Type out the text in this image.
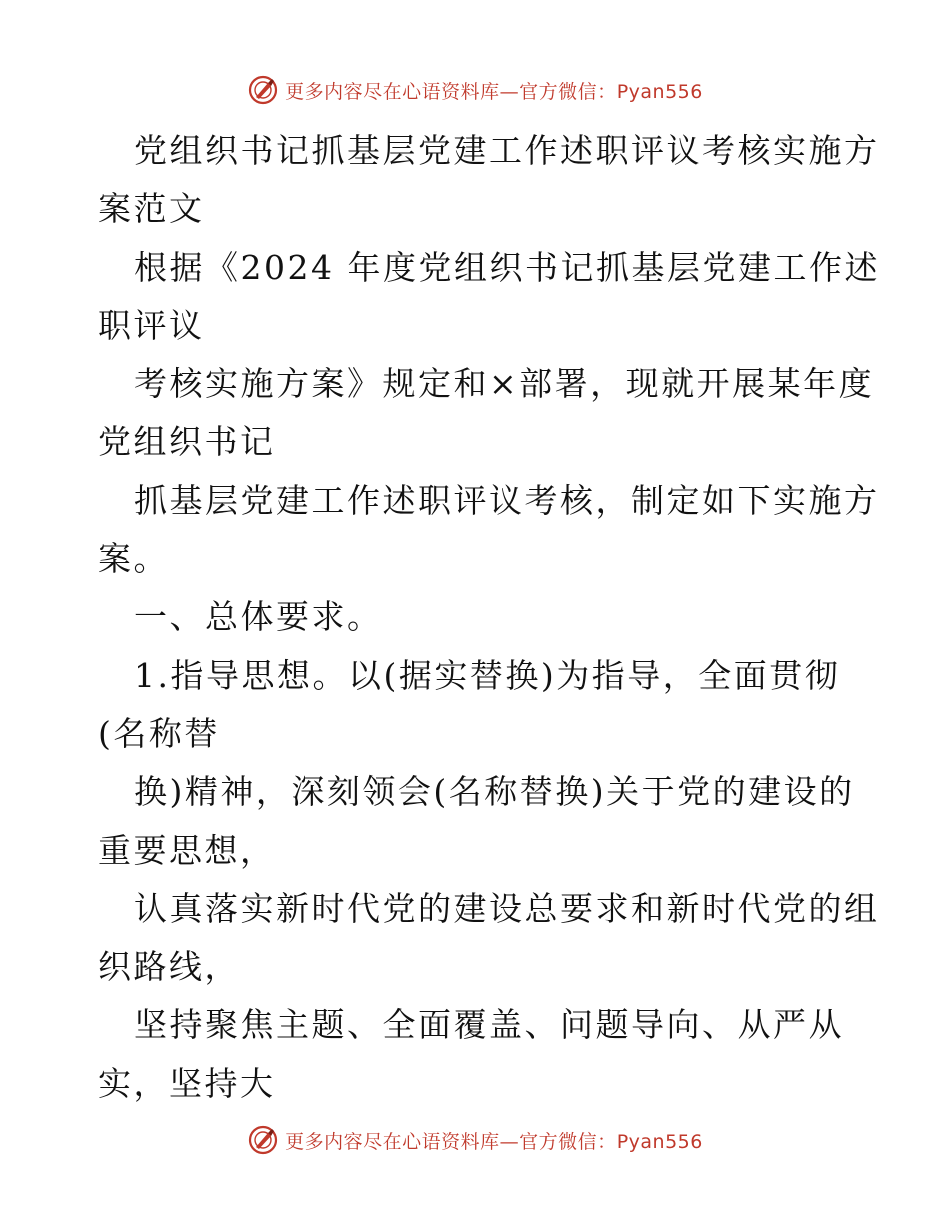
更多内容尽在心语资料库—官方微信：Pyan556
党组织书记抓基层党建工作述职评议考核实施方
案范文
根据《2024 年度党组织书记抓基层党建工作述
职评议
考核实施方案》规定和×部署，现就开展某年度
党组织书记
抓基层党建工作述职评议考核，制定如下实施方
案。
一、总体要求。
1.指导思想。以(据实替换)为指导，全面贯彻
(名称替
换)精神，深刻领会(名称替换)关于党的建设的
重要思想，
认真落实新时代党的建设总要求和新时代党的组
织路线，
坚持聚焦主题、全面覆盖、问题导向、从严从
实，坚持大
更多内容尽在心语资料库—官方微信：Pyan556
